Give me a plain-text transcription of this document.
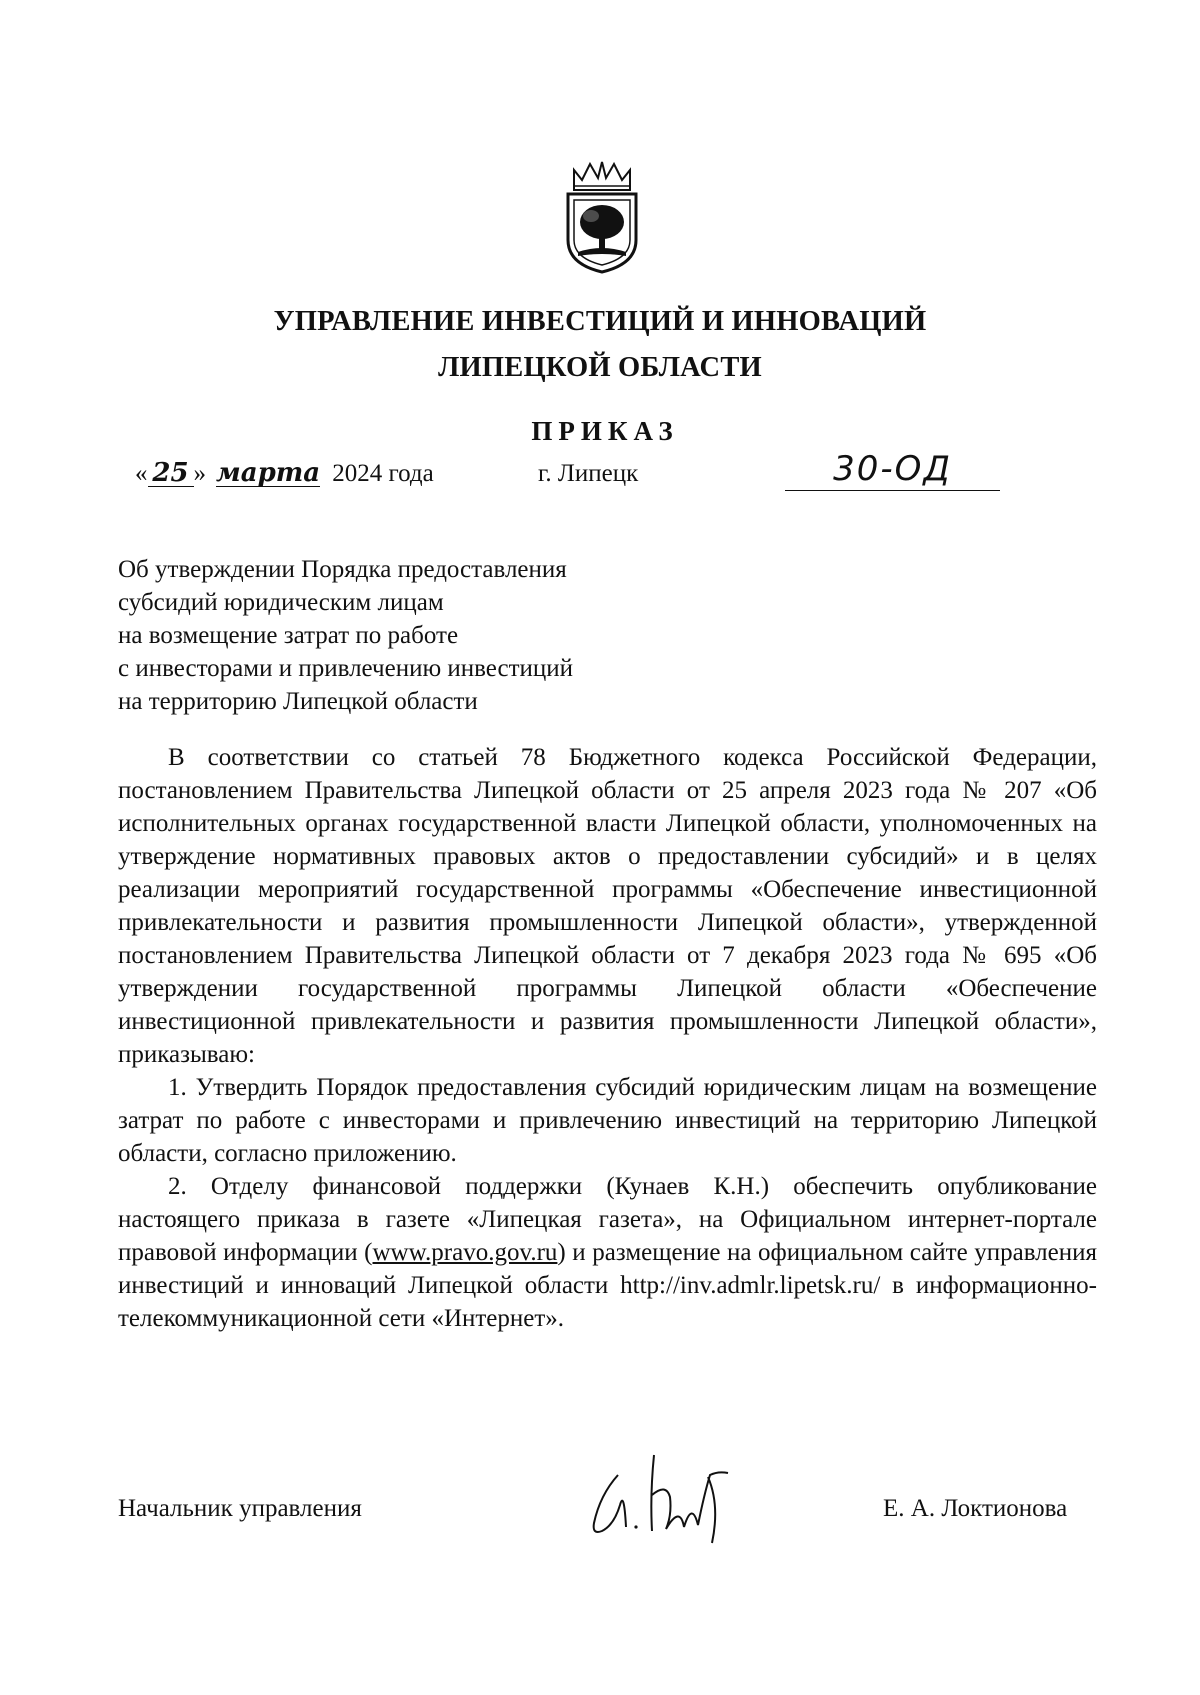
УПРАВЛЕНИЕ ИНВЕСТИЦИЙ И ИННОВАЦИЙ
ЛИПЕЦКОЙ ОБЛАСТИ
ПРИКАЗ
« 25 » марта 2024 года	г. Липецк	30-ОД
Об утверждении Порядка предоставления
субсидий юридическим лицам
на возмещение затрат по работе
с инвесторами и привлечению инвестиций
на территорию Липецкой области

В соответствии со статьей 78 Бюджетного кодекса Российской Федерации, постановлением Правительства Липецкой области от 25 апреля 2023 года № 207 «Об исполнительных органах государственной власти Липецкой области, уполномоченных на утверждение нормативных правовых актов о предоставлении субсидий» и в целях реализации мероприятий государственной программы «Обеспечение инвестиционной привлекательности и развития промышленности Липецкой области», утвержденной постановлением Правительства Липецкой области от 7 декабря 2023 года № 695 «Об утверждении государственной программы Липецкой области «Обеспечение инвестиционной привлекательности и развития промышленности Липецкой области», приказываю:

1. Утвердить Порядок предоставления субсидий юридическим лицам на возмещение затрат по работе с инвесторами и привлечению инвестиций на территорию Липецкой области, согласно приложению.

2. Отделу финансовой поддержки (Кунаев К.Н.) обеспечить опубликование настоящего приказа в газете «Липецкая газета», на Официальном интернет-портале правовой информации (www.pravo.gov.ru) и размещение на официальном сайте управления инвестиций и инноваций Липецкой области http://inv.admlr.lipetsk.ru/ в информационно-телекоммуникационной сети «Интернет».

Начальник управления	Е. А. Локтионова
